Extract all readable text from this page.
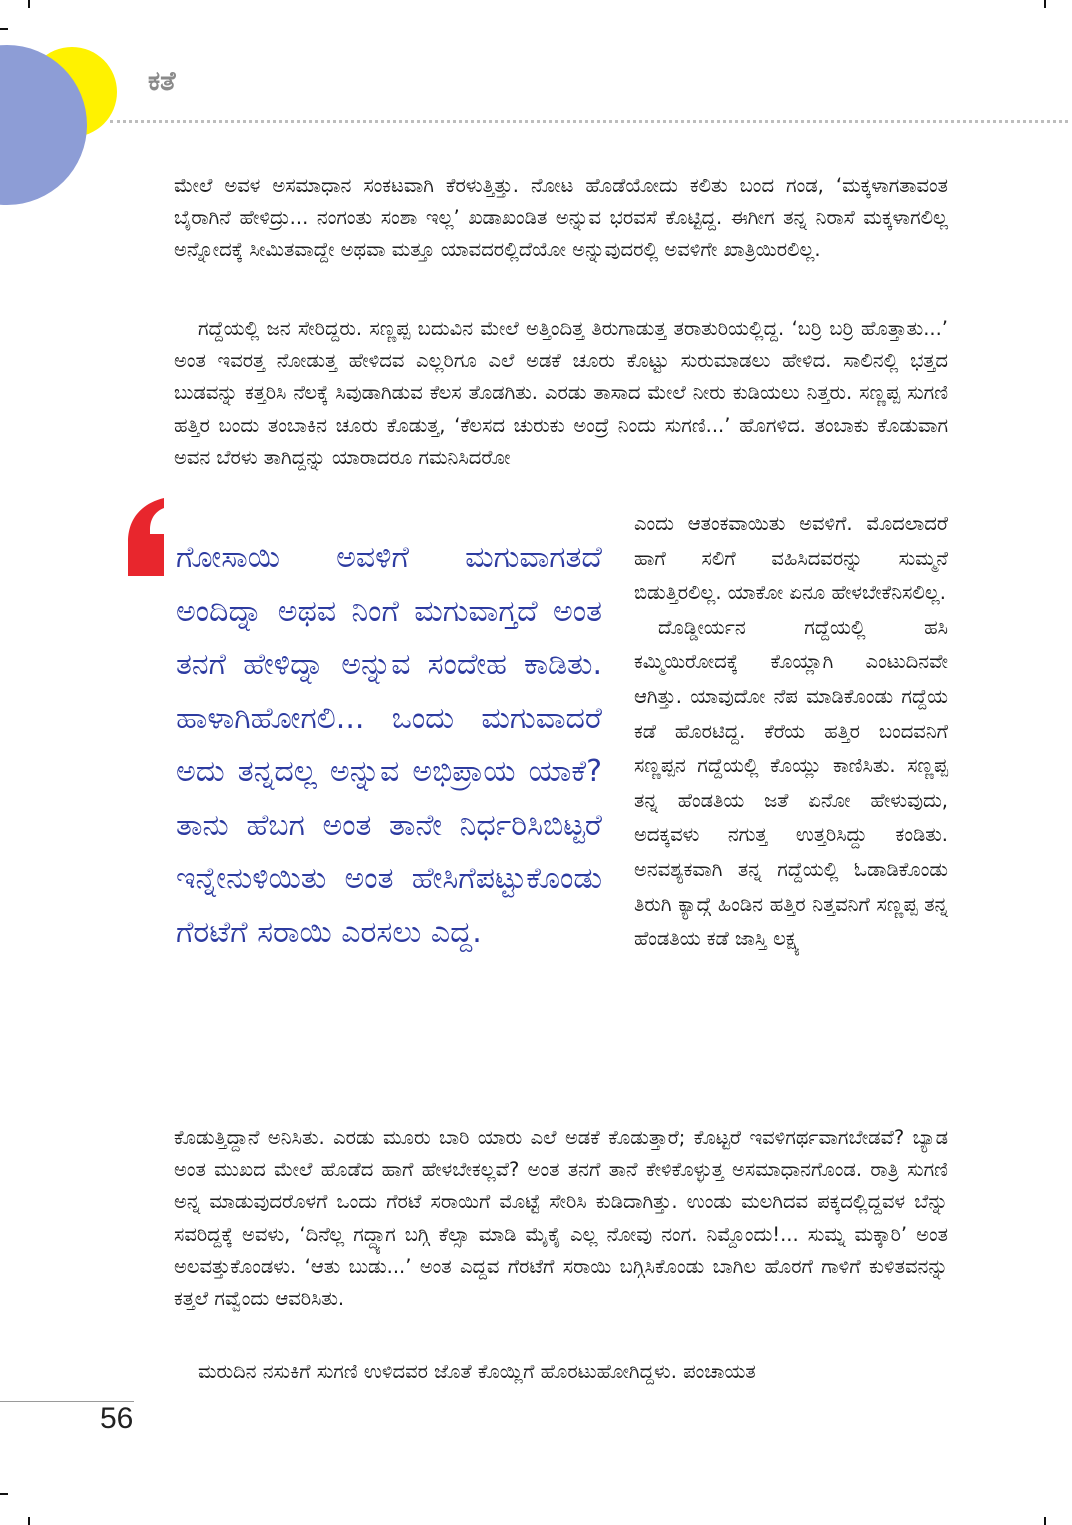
ಕತೆ

ಮೇಲೆ ಅವಳ ಅಸಮಾಧಾನ ಸಂಕಟವಾಗಿ ಕೆರಳುತ್ತಿತ್ತು. ನೋಟ ಹೊಡೆಯೋದು ಕಲಿತು ಬಂದ ಗಂಡ, ‘ಮಕ್ಕಳಾಗತಾವಂತ ಬೈರಾಗಿನೆ ಹೇಳಿದ್ರು... ನಂಗಂತು ಸಂಶಾ ಇಲ್ಲ’ ಖಡಾಖಂಡಿತ ಅನ್ನುವ ಭರವಸೆ ಕೊಟ್ಟಿದ್ದ. ಈಗೀಗ ತನ್ನ ನಿರಾಸೆ ಮಕ್ಕಳಾಗಲಿಲ್ಲ ಅನ್ನೋದಕ್ಕೆ ಸೀಮಿತವಾದ್ದೇ ಅಥವಾ ಮತ್ತೂ ಯಾವದರಲ್ಲಿದೆಯೋ ಅನ್ನುವುದರಲ್ಲಿ ಅವಳಿಗೇ ಖಾತ್ರಿಯಿರಲಿಲ್ಲ.

ಗದ್ದೆಯಲ್ಲಿ ಜನ ಸೇರಿದ್ದರು. ಸಣ್ಣಪ್ಪ ಬದುವಿನ ಮೇಲೆ ಅತ್ತಿಂದಿತ್ತ ತಿರುಗಾಡುತ್ತ ತರಾತುರಿಯಲ್ಲಿದ್ದ. ‘ಬರ್ರಿ ಬರ್ರಿ ಹೊತ್ತಾತು...’ ಅಂತ ಇವರತ್ತ ನೋಡುತ್ತ ಹೇಳಿದವ ಎಲ್ಲರಿಗೂ ಎಲೆ ಅಡಕೆ ಚೂರು ಕೊಟ್ಟು ಸುರುಮಾಡಲು ಹೇಳಿದ. ಸಾಲಿನಲ್ಲಿ ಭತ್ತದ ಬುಡವನ್ನು ಕತ್ತರಿಸಿ ನೆಲಕ್ಕೆ ಸಿವುಡಾಗಿಡುವ ಕೆಲಸ ತೊಡಗಿತು. ಎರಡು ತಾಸಾದ ಮೇಲೆ ನೀರು ಕುಡಿಯಲು ನಿತ್ತರು. ಸಣ್ಣಪ್ಪ ಸುಗಣಿ ಹತ್ತಿರ ಬಂದು ತಂಬಾಕಿನ ಚೂರು ಕೊಡುತ್ತ, ‘ಕೆಲಸದ ಚುರುಕು ಅಂದ್ರೆ ನಿಂದು ಸುಗಣಿ...’ ಹೊಗಳಿದ. ತಂಬಾಕು ಕೊಡುವಾಗ ಅವನ ಬೆರಳು ತಾಗಿದ್ದನ್ನು ಯಾರಾದರೂ ಗಮನಿಸಿದರೋ

ಗೋಸಾಯಿ ಅವಳಿಗೆ ಮಗುವಾಗತದೆ ಅಂದಿದ್ನಾ ಅಥವ ನಿಂಗೆ ಮಗುವಾಗ್ತದೆ ಅಂತ ತನಗೆ ಹೇಳಿದ್ನಾ ಅನ್ನುವ ಸಂದೇಹ ಕಾಡಿತು. ಹಾಳಾಗಿಹೋಗಲಿ... ಒಂದು ಮಗುವಾದರೆ ಅದು ತನ್ನದಲ್ಲ ಅನ್ನುವ ಅಭಿಪ್ರಾಯ ಯಾಕೆ? ತಾನು ಹೆಬಗ ಅಂತ ತಾನೇ ನಿರ್ಧರಿಸಿಬಿಟ್ಟರೆ ಇನ್ನೇನುಳಿಯಿತು ಅಂತ ಹೇಸಿಗೆಪಟ್ಟುಕೊಂಡು ಗೆರಟೆಗೆ ಸರಾಯಿ ಎರಸಲು ಎದ್ದ.

ಎಂದು ಆತಂಕವಾಯಿತು ಅವಳಿಗೆ. ಮೊದಲಾದರೆ ಹಾಗೆ ಸಲಿಗೆ ವಹಿಸಿದವರನ್ನು ಸುಮ್ಮನೆ ಬಿಡುತ್ತಿರಲಿಲ್ಲ. ಯಾಕೋ ಏನೂ ಹೇಳಬೇಕೆನಿಸಲಿಲ್ಲ.
ದೊಡ್ಡೀರ್ಯನ ಗದ್ದೆಯಲ್ಲಿ ಹಸಿ ಕಮ್ಮಿಯಿರೋದಕ್ಕೆ ಕೊಯ್ಲಾಗಿ ಎಂಟುದಿನವೇ ಆಗಿತ್ತು. ಯಾವುದೋ ನೆಪ ಮಾಡಿಕೊಂಡು ಗದ್ದೆಯ ಕಡೆ ಹೊರಟಿದ್ದ. ಕೆರೆಯ ಹತ್ತಿರ ಬಂದವನಿಗೆ ಸಣ್ಣಪ್ಪನ ಗದ್ದೆಯಲ್ಲಿ ಕೊಯ್ಲು ಕಾಣಿಸಿತು. ಸಣ್ಣಪ್ಪ ತನ್ನ ಹೆಂಡತಿಯ ಜತೆ ಏನೋ ಹೇಳುವುದು, ಅದಕ್ಕವಳು ನಗುತ್ತ ಉತ್ತರಿಸಿದ್ದು ಕಂಡಿತು. ಅನವಶ್ಯಕವಾಗಿ ತನ್ನ ಗದ್ದೆಯಲ್ಲಿ ಓಡಾಡಿಕೊಂಡು ತಿರುಗಿ ಕ್ಯಾದ್ಗೆ ಹಿಂಡಿನ ಹತ್ತಿರ ನಿತ್ತವನಿಗೆ ಸಣ್ಣಪ್ಪ ತನ್ನ ಹೆಂಡತಿಯ ಕಡೆ ಜಾಸ್ತಿ ಲಕ್ಷ್ಯ

ಕೊಡುತ್ತಿದ್ದಾನೆ ಅನಿಸಿತು. ಎರಡು ಮೂರು ಬಾರಿ ಯಾರು ಎಲೆ ಅಡಕೆ ಕೊಡುತ್ತಾರೆ; ಕೊಟ್ಟರೆ ಇವಳಿಗರ್ಥವಾಗಬೇಡವೆ? ಬ್ಯಾಡ ಅಂತ ಮುಖದ ಮೇಲೆ ಹೊಡೆದ ಹಾಗೆ ಹೇಳಬೇಕಲ್ಲವೆ? ಅಂತ ತನಗೆ ತಾನೆ ಕೇಳಿಕೊಳ್ಳುತ್ತ ಅಸಮಾಧಾನಗೊಂಡ. ರಾತ್ರಿ ಸುಗಣಿ ಅನ್ನ ಮಾಡುವುದರೊಳಗೆ ಒಂದು ಗೆರಟೆ ಸರಾಯಿಗೆ ಮೊಟ್ಟೆ ಸೇರಿಸಿ ಕುಡಿದಾಗಿತ್ತು. ಉಂಡು ಮಲಗಿದವ ಪಕ್ಕದಲ್ಲಿದ್ದವಳ ಬೆನ್ನು ಸವರಿದ್ದಕ್ಕೆ ಅವಳು, ‘ದಿನೆಲ್ಲ ಗದ್ದ್ಯಾಗ ಬಗ್ಗಿ ಕೆಲ್ಸಾ ಮಾಡಿ ಮೈಕೈ ಎಲ್ಲ ನೋವು ನಂಗ. ನಿಮ್ದೊಂದು!... ಸುಮ್ನ ಮಕ್ಕಾರಿ’ ಅಂತ ಅಲವತ್ತುಕೊಂಡಳು. ‘ಆತು ಬುಡು...’ ಅಂತ ಎದ್ದವ ಗೆರಟೆಗೆ ಸರಾಯಿ ಬಗ್ಗಿಸಿಕೊಂಡು ಬಾಗಿಲ ಹೊರಗೆ ಗಾಳಿಗೆ ಕುಳಿತವನನ್ನು ಕತ್ತಲೆ ಗವ್ವೆಂದು ಆವರಿಸಿತು.

ಮರುದಿನ ನಸುಕಿಗೆ ಸುಗಣಿ ಉಳಿದವರ ಜೊತೆ ಕೊಯ್ಲಿಗೆ ಹೊರಟುಹೋಗಿದ್ದಳು. ಪಂಚಾಯತ

56
